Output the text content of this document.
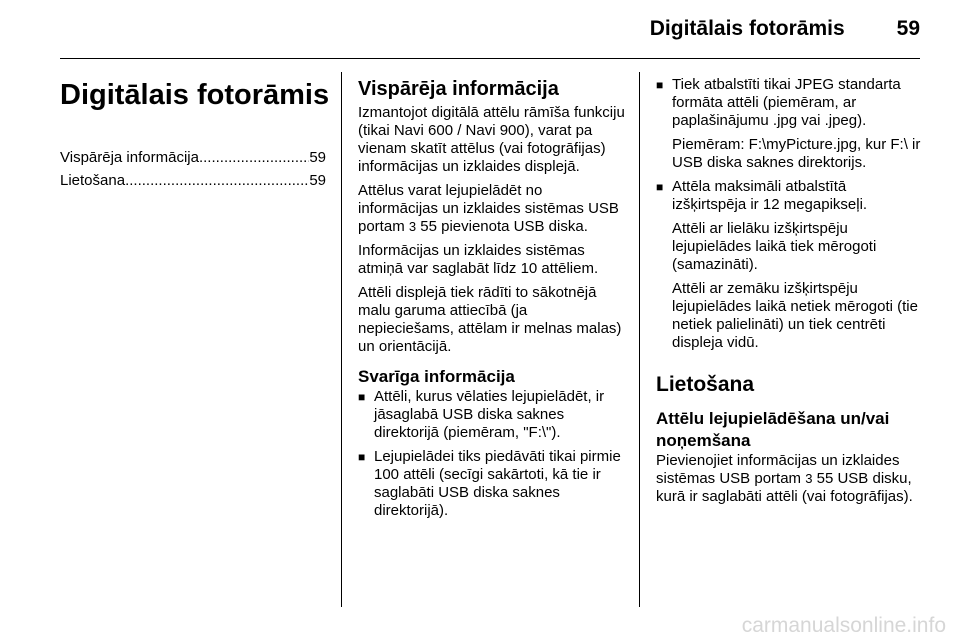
Digitālais fotorāmis 59
Digitālais fotorāmis
Vispārēja informācija .....	59
Lietošana .....	59
Vispārēja informācija

Izmantojot digitālā attēlu rāmīša funkciju (tikai Navi 600 / Navi 900), varat pa vienam skatīt attēlus (vai fotogrāfijas) informācijas un izklaides displejā.

Attēlus varat lejupielādēt no informācijas un izklaides sistēmas USB portam 3 55 pievienota USB diska.

Informācijas un izklaides sistēmas atmiņā var saglabāt līdz 10 attēliem.

Attēli displejā tiek rādīti to sākotnējā malu garuma attiecībā (ja nepieciešams, attēlam ir melnas malas) un orientācijā.

Svarīga informācija
■ Attēli, kurus vēlaties lejupielādēt, ir jāsaglabā USB diska saknes direktorijā (piemēram, "F:\").
■ Lejupielādei tiks piedāvāti tikai pirmie 100 attēli (secīgi sakārtoti, kā tie ir saglabāti USB diska saknes direktorijā).
■ Tiek atbalstīti tikai JPEG standarta formāta attēli (piemēram, ar paplašinājumu .jpg vai .jpeg).

Piemēram: F:\myPicture.jpg, kur F:\ ir USB diska saknes direktorijs.

■ Attēla maksimāli atbalstītā izšķirtspēja ir 12 megapikseļi.

Attēli ar lielāku izšķirtspēju lejupielādes laikā tiek mērogoti (samazināti).

Attēli ar zemāku izšķirtspēju lejupielādes laikā netiek mērogoti (tie netiek palielināti) un tiek centrēti displeja vidū.

Lietošana
Attēlu lejupielādēšana un/vai noņemšana

Pievienojiet informācijas un izklaides sistēmas USB portam 3 55 USB disku, kurā ir saglabāti attēli (vai fotogrāfijas).

carmanualsonline.info
